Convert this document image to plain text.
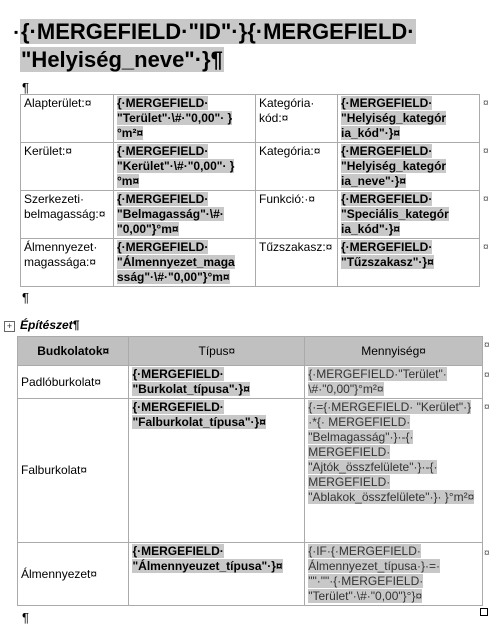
▪ {·MERGEFIELD·"ID"·}{·MERGEFIELD·
"Helyiség_neve"·}¶
¶
Alapterület:¤	{·MERGEFIELD· "Terület"·\#·"0,00"· }°m²¤	Kategória· kód:¤	{·MERGEFIELD· "Helyiség_kategór ia_kód"·}¤
Kerület:¤	{·MERGEFIELD· "Kerület"·\#·"0,00"· }°m¤	Kategória:¤	{·MERGEFIELD· "Helyiség_kategór ia_neve"·}¤
Szerkezeti· belmagasság:¤	{·MERGEFIELD· "Belmagasság"·\#· "0,00"}°m¤	Funkció:·¤	{·MERGEFIELD· "Speciális_kategór ia_kód"·}¤
Álmennyezet· magassága:¤	{·MERGEFIELD· "Álmennyezet_maga sság"·\#·"0,00"}°m¤	Tűzszakasz:¤	{·MERGEFIELD· "Tűzszakasz"·}¤
¤
¤
¤
¤
¶
+ Építészet¶
Budkolatok¤	Típus¤	Mennyiség¤
Padlóburkolat¤	{·MERGEFIELD· "Burkolat_típusa"·}¤	{·MERGEFIELD·"Terület"· \#·"0,00"}°m²¤
Falburkolat¤	{·MERGEFIELD· "Falburkolat_típusa"·}¤	{·={·MERGEFIELD· "Kerület"·}·*{· MERGEFIELD· "Belmagasság"·}·-{· MERGEFIELD· "Ajtók_összfelülete"·}·-{· MERGEFIELD· "Ablakok_összfelülete"·}· }°m²¤
Álmennyezet¤	{·MERGEFIELD· "Álmennyeuzet_típusa"·}¤	{·IF·{·MERGEFIELD· Álmennyezet_típusa·}·=· ""·""·{·MERGEFIELD· "Terület"·\#·"0,00"}°}¤
¤
¤
¤
¤
¶
